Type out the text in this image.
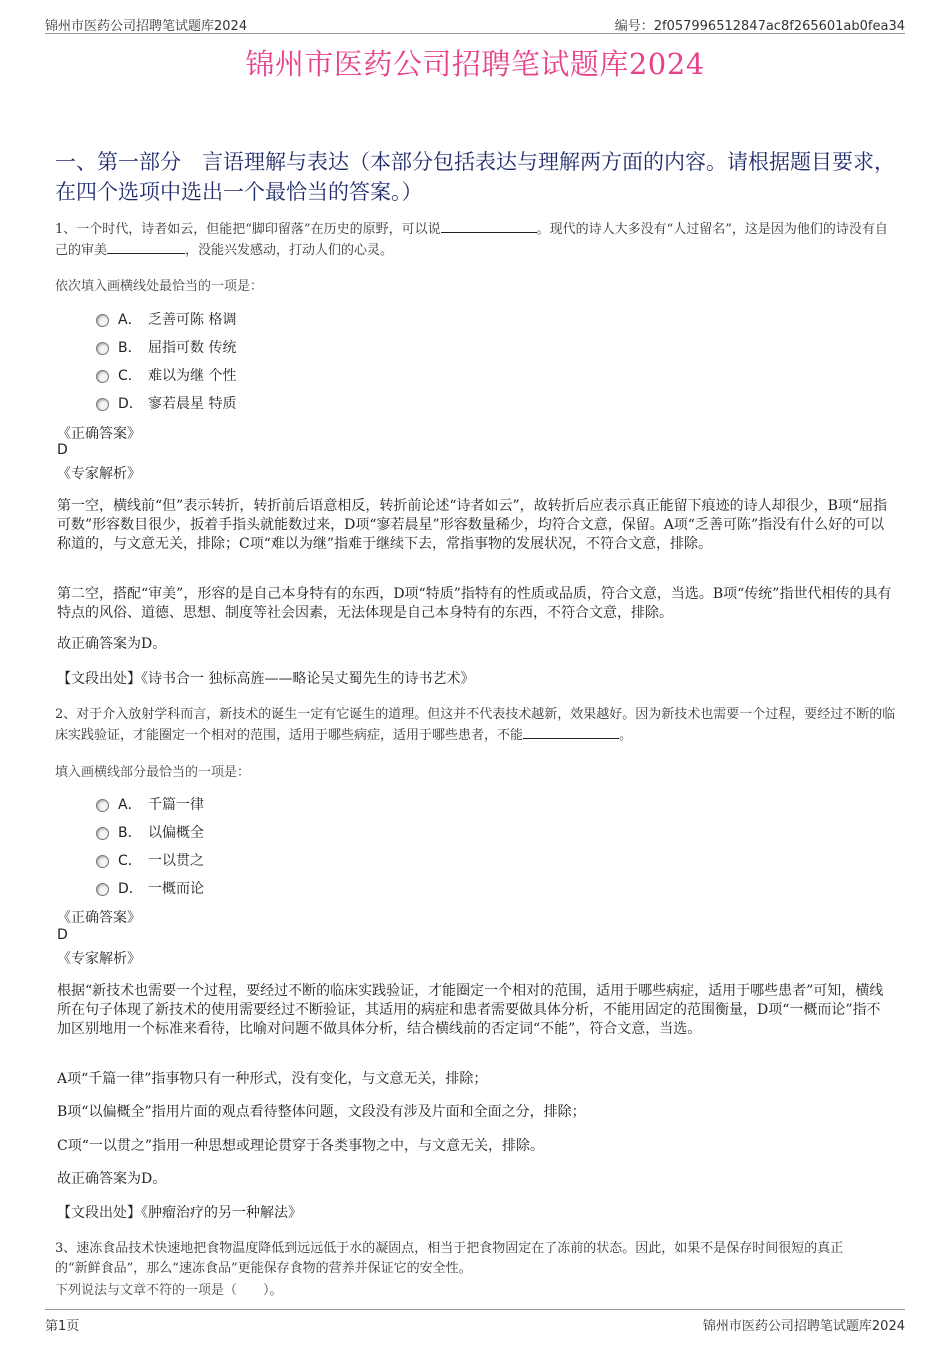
锦州市医药公司招聘笔试题库2024	编号：2f057996512847ac8f265601ab0fea34
锦州市医药公司招聘笔试题库2024
一、第一部分　言语理解与表达（本部分包括表达与理解两方面的内容。请根据题目要求，在四个选项中选出一个最恰当的答案。）
1、一个时代，诗者如云，但能把“脚印留落”在历史的原野，可以说	。现代的诗人大多没有“人过留名”，这是因为他们的诗没有自己的审美	，没能兴发感动，打动人们的心灵。
依次填入画横线处最恰当的一项是：
A． 乏善可陈 格调
B． 屈指可数 传统
C． 难以为继 个性
D． 寥若晨星 特质
《正确答案》
D
《专家解析》
第一空，横线前“但”表示转折，转折前后语意相反，转折前论述“诗者如云”，故转折后应表示真正能留下痕迹的诗人却很少，B项“屈指可数”形容数目很少，扳着手指头就能数过来，D项“寥若晨星”形容数量稀少，均符合文意，保留。A项“乏善可陈”指没有什么好的可以称道的，与文意无关，排除；C项“难以为继”指难于继续下去，常指事物的发展状况，不符合文意，排除。
第二空，搭配“审美”，形容的是自己本身特有的东西，D项“特质”指特有的性质或品质，符合文意，当选。B项“传统”指世代相传的具有特点的风俗、道德、思想、制度等社会因素，无法体现是自己本身特有的东西，不符合文意，排除。
故正确答案为D。
【文段出处】《诗书合一 独标高旌——略论吴丈蜀先生的诗书艺术》
2、对于介入放射学科而言，新技术的诞生一定有它诞生的道理。但这并不代表技术越新，效果越好。因为新技术也需要一个过程，要经过不断的临床实践验证，才能圈定一个相对的范围，适用于哪些病症，适用于哪些患者，不能	。
填入画横线部分最恰当的一项是：
A． 千篇一律
B． 以偏概全
C． 一以贯之
D． 一概而论
《正确答案》
D
《专家解析》
根据“新技术也需要一个过程，要经过不断的临床实践验证，才能圈定一个相对的范围，适用于哪些病症，适用于哪些患者”可知，横线所在句子体现了新技术的使用需要经过不断验证，其适用的病症和患者需要做具体分析，不能用固定的范围衡量，D项“一概而论”指不加区别地用一个标准来看待，比喻对问题不做具体分析，结合横线前的否定词“不能”，符合文意，当选。
A项“千篇一律”指事物只有一种形式，没有变化，与文意无关，排除；
B项“以偏概全”指用片面的观点看待整体问题，文段没有涉及片面和全面之分，排除；
C项“一以贯之”指用一种思想或理论贯穿于各类事物之中，与文意无关，排除。
故正确答案为D。
【文段出处】《肿瘤治疗的另一种解法》
3、速冻食品技术快速地把食物温度降低到远远低于水的凝固点，相当于把食物固定在了冻前的状态。因此，如果不是保存时间很短的真正的“新鲜食品”，那么“速冻食品”更能保存食物的营养并保证它的安全性。
下列说法与文章不符的一项是（　　）。
第1页	锦州市医药公司招聘笔试题库2024
